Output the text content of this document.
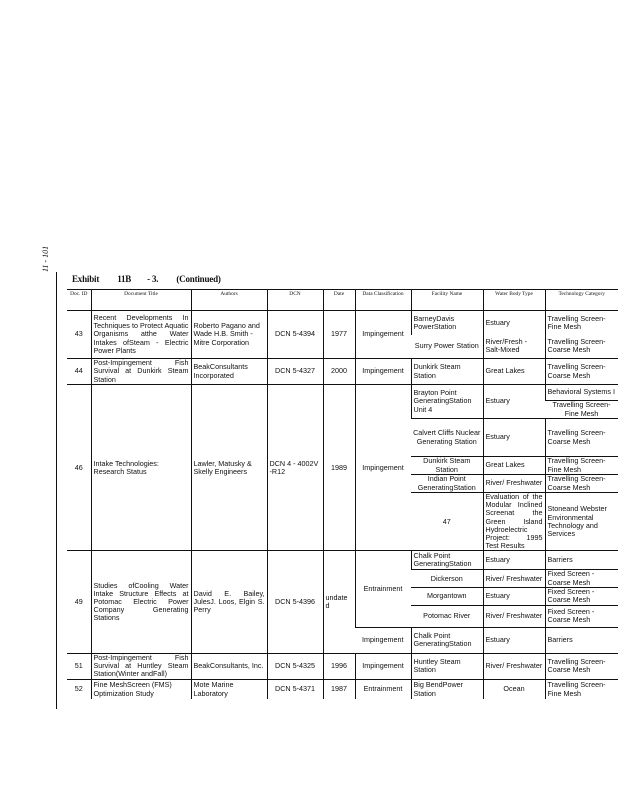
11 - 101
Exhibit 11B - 3. (Continued)
Doc. ID	Document Title	Authors	DCN	Date	Data Classification	Facility Name	Water Body Type	Technology Category	
43	Recent Developments In Techniques to Protect Aquatic Organisms atthe Water Intakes ofSteam - Electric Power Plants	Roberto Pagano and Wade H.B. Smith - Mitre Corporation	DCN 5-4394	1977	Impingement	BarneyDavis PowerStation	Estuary	Travelling Screen-Fine Mesh	
						Surry Power Station	River/Fresh - Salt-Mixed	Travelling Screen-Coarse Mesh	
44	Post-Impingement Fish Survival at Dunkirk Steam Station	BeakConsultants Incorporated	DCN 5-4327	2000	Impingement	Dunkirk Steam Station	Great Lakes	Travelling Screen-Coarse Mesh	
46	Intake Technologies: Research Status	Lawler, Matusky & Skelly Engineers	DCN 4 - 4002V -R12	1989	Impingement	Brayton Point GeneratingStation Unit 4	Estuary	Behavioral Systems I	
								Travelling Screen-Fine Mesh	
						Calvert Cliffs Nuclear Generating Station	Estuary	Travelling Screen-Coarse Mesh	
						Dunkirk Steam Station	Great Lakes	Travelling Screen-Fine Mesh	
						Indian Point GeneratingStation	River/ Freshwater	Travelling Screen-Coarse Mesh	
						47	Evaluation of the Modular Inclined Screenat the Green Island Hydroelectric Project: 1995 Test Results	Stoneand Webster Environmental Technology and Services						
49	Studies ofCooling Water Intake Structure Effects at Potomac Electric Power Company Generating Stations	David E. Bailey, JulesJ. Loos, Elgin S. Perry	DCN 5-4396	undate d	Entrainment	Chalk Point GeneratingStation	Estuary	Barriers	
						Dickerson	River/ Freshwater	Fixed Screen - Coarse Mesh	
						Morgantown	Estuary	Fixed Screen - Coarse Mesh	
						Potomac River	River/ Freshwater	Fixed Screen - Coarse Mesh	
					Impingement	Chalk Point GeneratingStation	Estuary	Barriers	
51	Post-Impingement Fish Survival at Huntley Steam Station(Winter andFall)	BeakConsultants, Inc.	DCN 5-4325	1996	Impingement	Huntley Steam Station	River/ Freshwater	Travelling Screen-Coarse Mesh	
52	Fine MeshScreen (FMS) Optimization Study	Mote Marine Laboratory	DCN 5-4371	1987	Entrainment	Big BendPower Station	Ocean	Travelling Screen-Fine Mesh	
